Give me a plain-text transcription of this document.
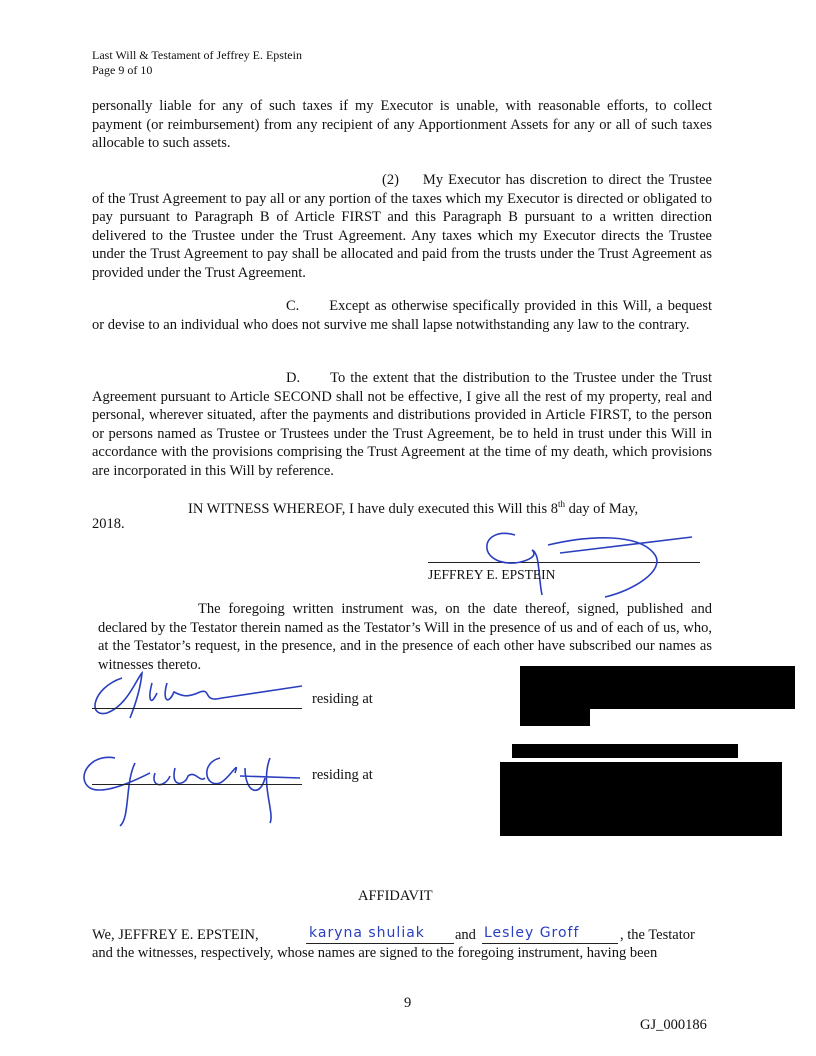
Last Will & Testament of Jeffrey E. Epstein
Page 9 of 10

personally liable for any of such taxes if my Executor is unable, with reasonable efforts, to collect payment (or reimbursement) from any recipient of any Apportionment Assets for any or all of such taxes allocable to such assets.

(2) My Executor has discretion to direct the Trustee of the Trust Agreement to pay all or any portion of the taxes which my Executor is directed or obligated to pay pursuant to Paragraph B of Article FIRST and this Paragraph B pursuant to a written direction delivered to the Trustee under the Trust Agreement. Any taxes which my Executor directs the Trustee under the Trust Agreement to pay shall be allocated and paid from the trusts under the Trust Agreement as provided under the Trust Agreement.

C. Except as otherwise specifically provided in this Will, a bequest or devise to an individual who does not survive me shall lapse notwithstanding any law to the contrary.

D. To the extent that the distribution to the Trustee under the Trust Agreement pursuant to Article SECOND shall not be effective, I give all the rest of my property, real and personal, wherever situated, after the payments and distributions provided in Article FIRST, to the person or persons named as Trustee or Trustees under the Trust Agreement, be to held in trust under this Will in accordance with the provisions comprising the Trust Agreement at the time of my death, which provisions are incorporated in this Will by reference.

IN WITNESS WHEREOF, I have duly executed this Will this 8th day of May,
2018.
JEFFREY E. EPSTEIN

The foregoing written instrument was, on the date thereof, signed, published and declared by the Testator therein named as the Testator’s Will in the presence of us and of each of us, who, at the Testator’s request, in the presence, and in the presence of each other have subscribed our names as witnesses thereto.

residing at
residing at
AFFIDAVIT
We, JEFFREY E. EPSTEIN,	karyna shuliak and Lesley Groff	, the Testator
and the witnesses, respectively, whose names are signed to the foregoing instrument, having been
9
GJ_000186
